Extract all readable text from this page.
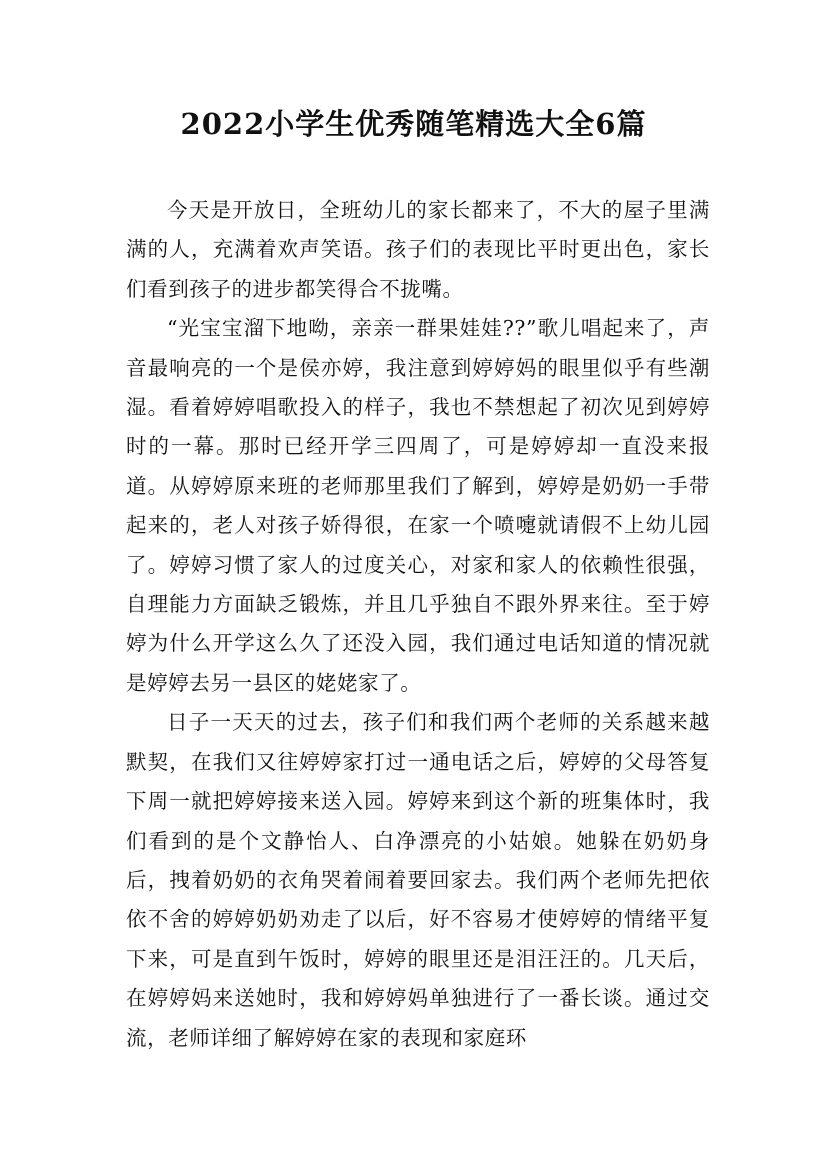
2022小学生优秀随笔精选大全6篇

今天是开放日，全班幼儿的家长都来了，不大的屋子里满满的人，充满着欢声笑语。孩子们的表现比平时更出色，家长们看到孩子的进步都笑得合不拢嘴。

“光宝宝溜下地呦，亲亲一群果娃娃??”歌儿唱起来了，声音最响亮的一个是侯亦婷，我注意到婷婷妈的眼里似乎有些潮湿。看着婷婷唱歌投入的样子，我也不禁想起了初次见到婷婷时的一幕。那时已经开学三四周了，可是婷婷却一直没来报道。从婷婷原来班的老师那里我们了解到，婷婷是奶奶一手带起来的，老人对孩子娇得很，在家一个喷嚏就请假不上幼儿园了。婷婷习惯了家人的过度关心，对家和家人的依赖性很强，自理能力方面缺乏锻炼，并且几乎独自不跟外界来往。至于婷婷为什么开学这么久了还没入园，我们通过电话知道的情况就是婷婷去另一县区的姥姥家了。

日子一天天的过去，孩子们和我们两个老师的关系越来越默契，在我们又往婷婷家打过一通电话之后，婷婷的父母答复下周一就把婷婷接来送入园。婷婷来到这个新的班集体时，我们看到的是个文静怡人、白净漂亮的小姑娘。她躲在奶奶身后，拽着奶奶的衣角哭着闹着要回家去。我们两个老师先把依依不舍的婷婷奶奶劝走了以后，好不容易才使婷婷的情绪平复下来，可是直到午饭时，婷婷的眼里还是泪汪汪的。几天后，在婷婷妈来送她时，我和婷婷妈单独进行了一番长谈。通过交流，老师详细了解婷婷在家的表现和家庭环
